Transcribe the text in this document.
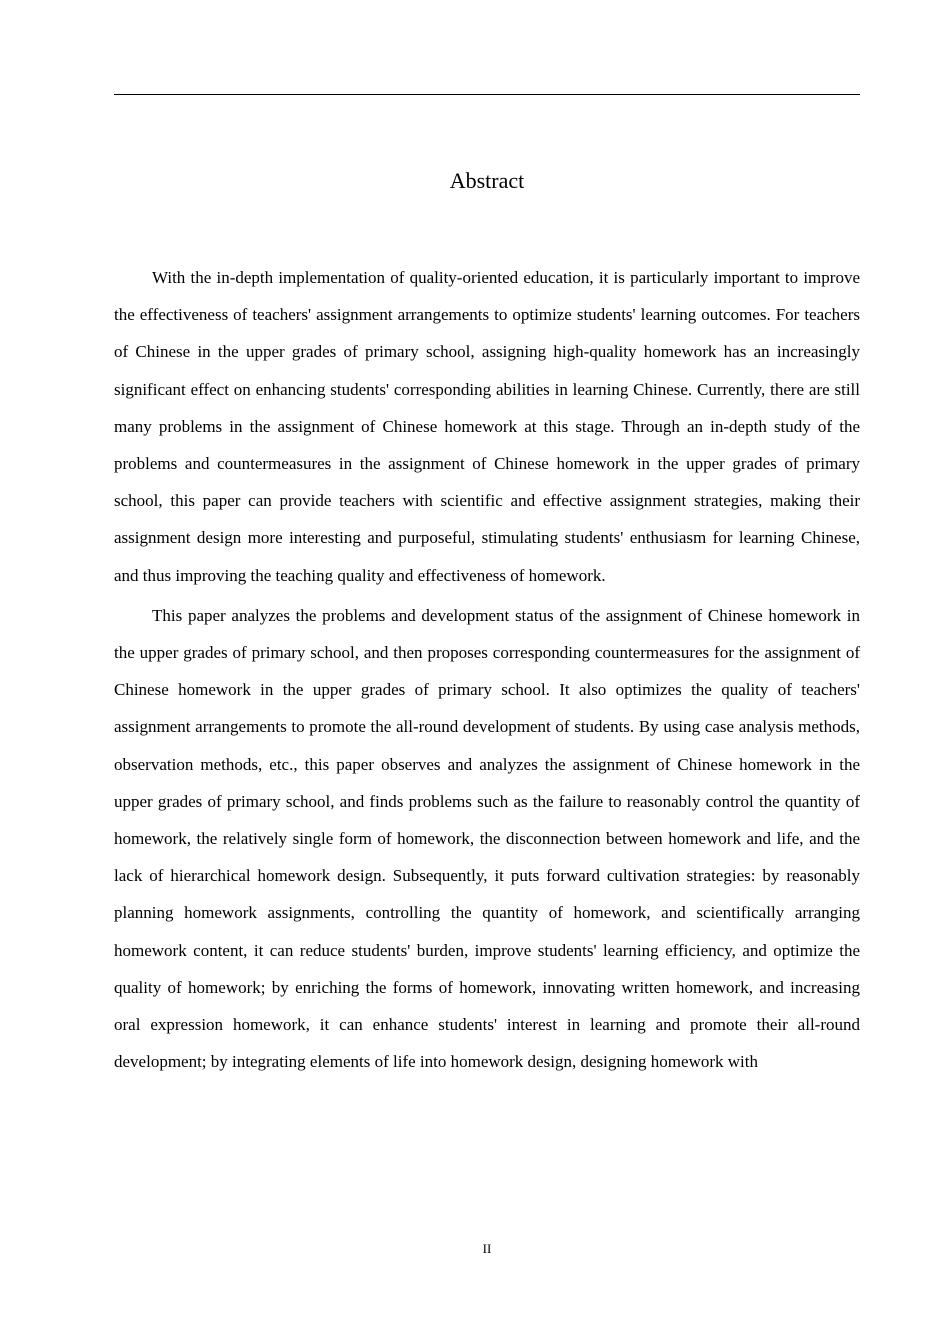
Abstract

With the in-depth implementation of quality-oriented education, it is particularly important to improve the effectiveness of teachers' assignment arrangements to optimize students' learning outcomes. For teachers of Chinese in the upper grades of primary school, assigning high-quality homework has an increasingly significant effect on enhancing students' corresponding abilities in learning Chinese. Currently, there are still many problems in the assignment of Chinese homework at this stage. Through an in-depth study of the problems and countermeasures in the assignment of Chinese homework in the upper grades of primary school, this paper can provide teachers with scientific and effective assignment strategies, making their assignment design more interesting and purposeful, stimulating students' enthusiasm for learning Chinese, and thus improving the teaching quality and effectiveness of homework.

This paper analyzes the problems and development status of the assignment of Chinese homework in the upper grades of primary school, and then proposes corresponding countermeasures for the assignment of Chinese homework in the upper grades of primary school. It also optimizes the quality of teachers' assignment arrangements to promote the all-round development of students. By using case analysis methods, observation methods, etc., this paper observes and analyzes the assignment of Chinese homework in the upper grades of primary school, and finds problems such as the failure to reasonably control the quantity of homework, the relatively single form of homework, the disconnection between homework and life, and the lack of hierarchical homework design. Subsequently, it puts forward cultivation strategies: by reasonably planning homework assignments, controlling the quantity of homework, and scientifically arranging homework content, it can reduce students' burden, improve students' learning efficiency, and optimize the quality of homework; by enriching the forms of homework, innovating written homework, and increasing oral expression homework, it can enhance students' interest in learning and promote their all-round development; by integrating elements of life into homework design, designing homework with

II
